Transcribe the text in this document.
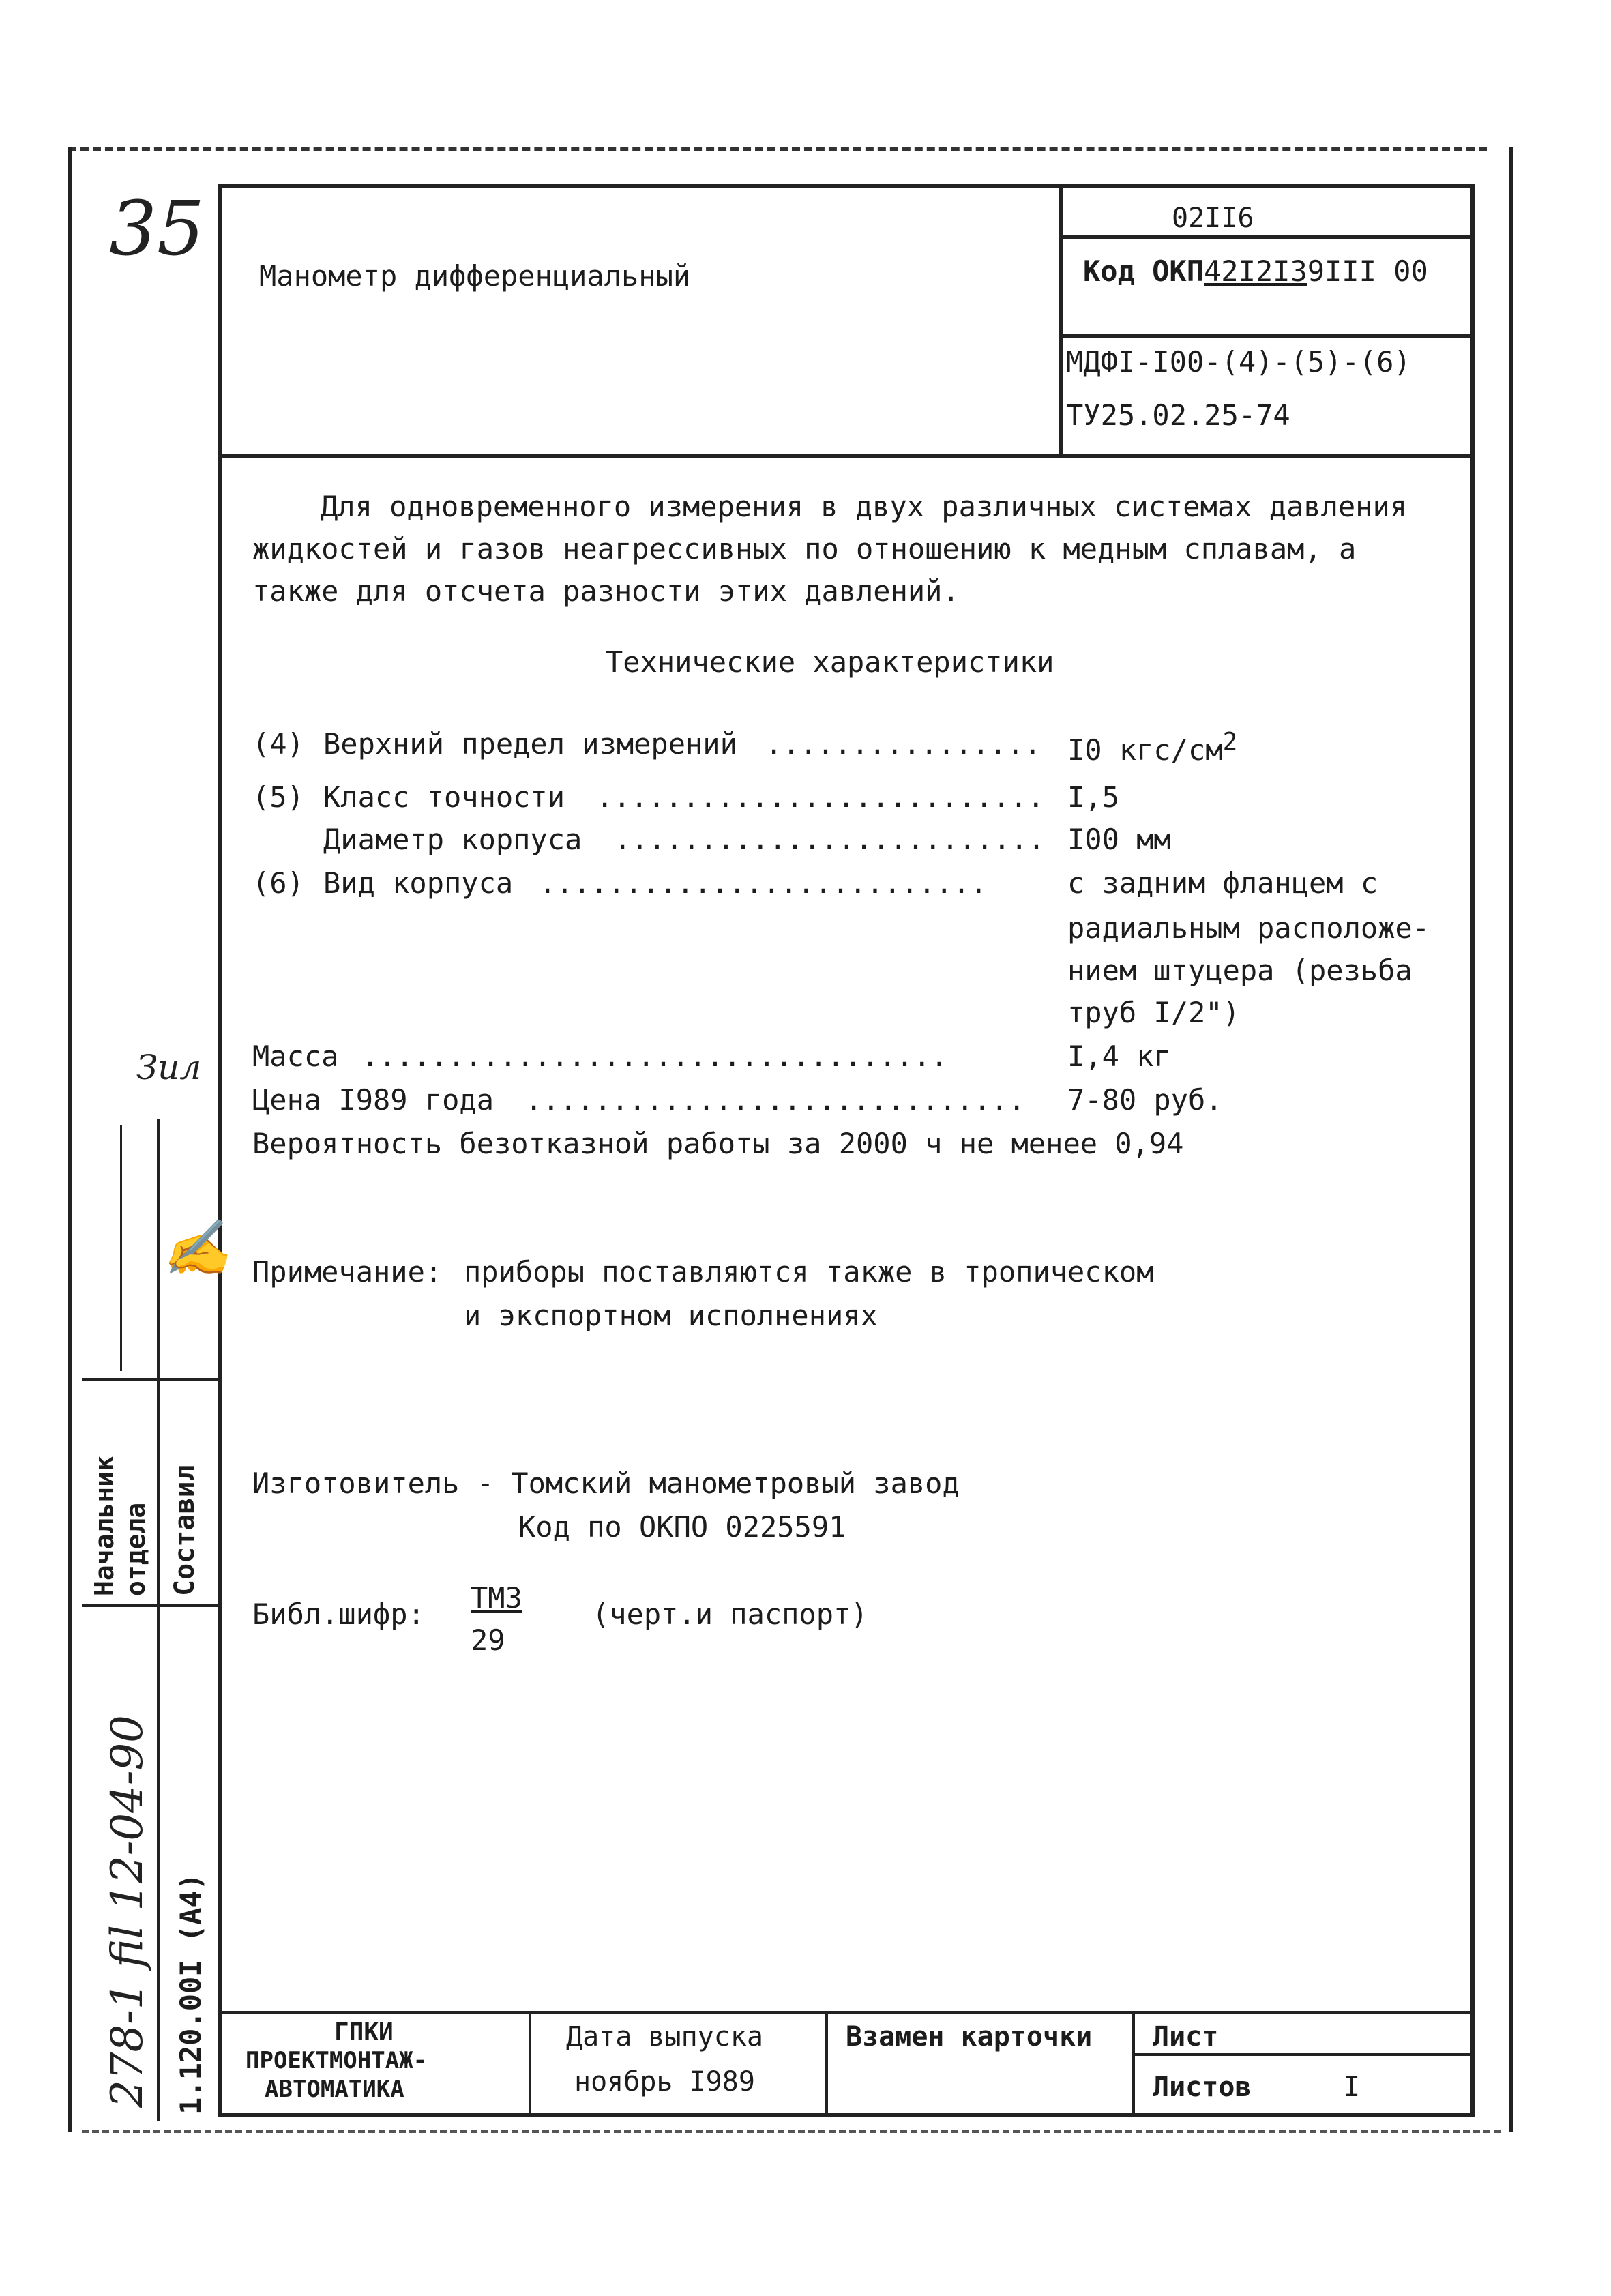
35
Манометр дифференциальный
02II6
Код ОКП42I2I39III 00
МДФI-I00-(4)-(5)-(6)
ТУ25.02.25-74
Для одновременного измерения в двух различных системах давления
жидкостей и газов неагрессивных по отношению к медным сплавам, а
также для отсчета разности этих давлений.
Технические характеристики
(4) Верхний предел измерений ................ I0 кгс/$см^2$
(5) Класс точности .......................... I,5
Диаметр корпуса ......................... I00 мм
(6) Вид корпуса ..........................	с задним фланцем с
радиальным расположе-
нием штуцера (резьба
труб I/2")
Масса ..................................	I,4 кг
Цена I989 года ............................. 7-80 руб.
Вероятность безотказной работы за 2000 ч не менее 0,94
Примечание: приборы поставляются также в тропическом
и экспортном исполнениях
Изготовитель - Томский манометровый завод
Код по ОКПО 0225591
Библ.шифр: ТМЗ
29
(черт.и паспорт)
Зил
✍
Начальник отдела Составил
278-1 fil 12-04-90 1.120.00I (А4)	ГПКИ
ПРОЕКТМОНТАЖ-
АВТОМАТИКА
Дата выпуска
ноябрь I989
Взамен карточки Лист
Листов	I
